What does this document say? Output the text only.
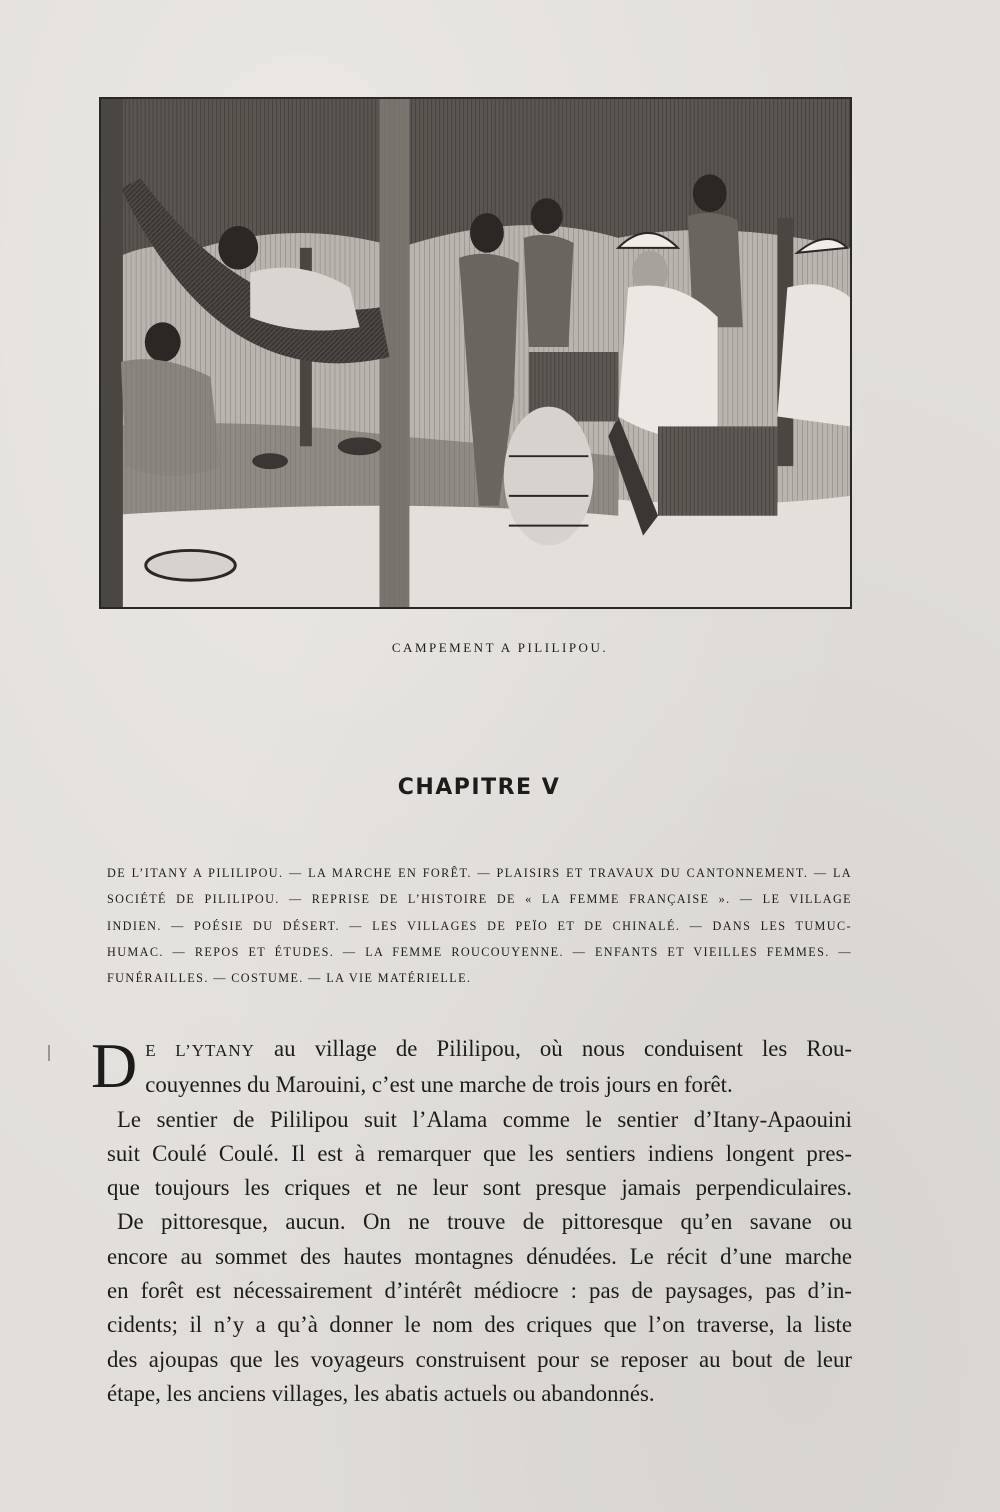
CAMPEMENT A PILILIPOU.
CHAPITRE V
DE L’ITANY A PILILIPOU. — LA MARCHE EN FORÊT. — PLAISIRS ET TRAVAUX DU CANTONNEMENT. — LA
SOCIÉTÉ DE PILILIPOU. — REPRISE DE L’HISTOIRE DE « LA FEMME FRANÇAISE ». — LE VILLAGE
INDIEN. — POÉSIE DU DÉSERT. — LES VILLAGES DE PEÏO ET DE CHINALÉ. — DANS LES TUMUC-
HUMAC. — REPOS ET ÉTUDES. — LA FEMME ROUCOUYENNE. — ENFANTS ET VIEILLES FEMMES. —
FUNÉRAILLES. — COSTUME. — LA VIE MATÉRIELLE.

D E L’YTANY au village de Pililipou, où nous conduisent les Rou-
couyennes du Marouini, c’est une marche de trois jours en forêt.

Le sentier de Pililipou suit l’Alama comme le sentier d’Itany-Apaouini
suit Coulé Coulé. Il est à remarquer que les sentiers indiens longent pres-
que toujours les criques et ne leur sont presque jamais perpendiculaires.

De pittoresque, aucun. On ne trouve de pittoresque qu’en savane ou
encore au sommet des hautes montagnes dénudées. Le récit d’une marche
en forêt est nécessairement d’intérêt médiocre : pas de paysages, pas d’in-
cidents; il n’y a qu’à donner le nom des criques que l’on traverse, la liste
des ajoupas que les voyageurs construisent pour se reposer au bout de leur
étape, les anciens villages, les abatis actuels ou abandonnés.
